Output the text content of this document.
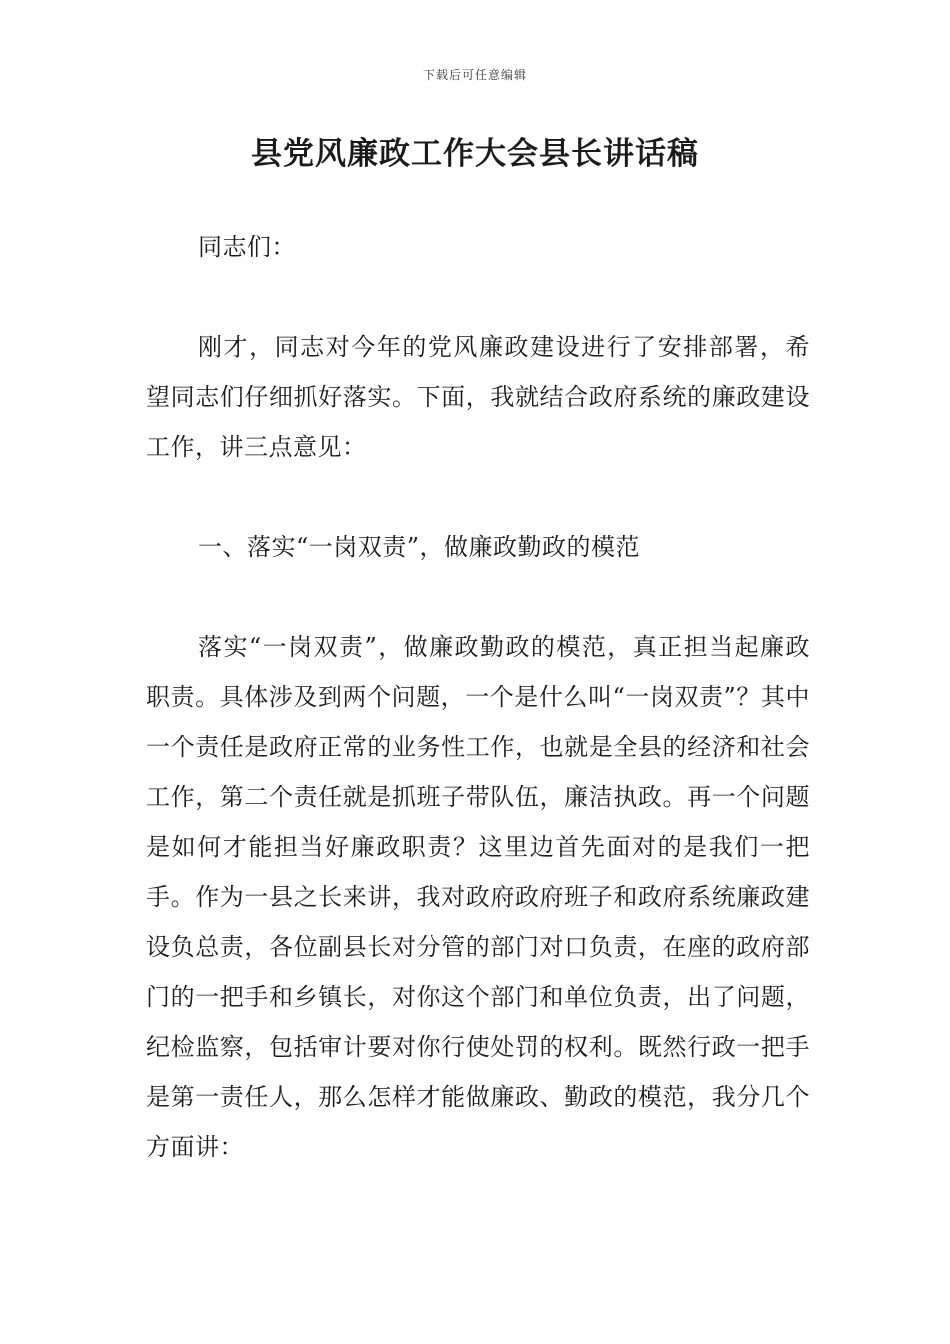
下载后可任意编辑
县党风廉政工作大会县长讲话稿

同志们：

刚才，同志对今年的党风廉政建设进行了安排部署，希望同志们仔细抓好落实。下面，我就结合政府系统的廉政建设工作，讲三点意见：

一、落实“一岗双责”，做廉政勤政的模范

落实“一岗双责”，做廉政勤政的模范，真正担当起廉政职责。具体涉及到两个问题，一个是什么叫“一岗双责”？其中一个责任是政府正常的业务性工作，也就是全县的经济和社会工作，第二个责任就是抓班子带队伍，廉洁执政。再一个问题是如何才能担当好廉政职责？这里边首先面对的是我们一把手。作为一县之长来讲，我对政府政府班子和政府系统廉政建设负总责，各位副县长对分管的部门对口负责，在座的政府部门的一把手和乡镇长，对你这个部门和单位负责，出了问题，纪检监察，包括审计要对你行使处罚的权利。既然行政一把手是第一责任人，那么怎样才能做廉政、勤政的模范，我分几个方面讲：
